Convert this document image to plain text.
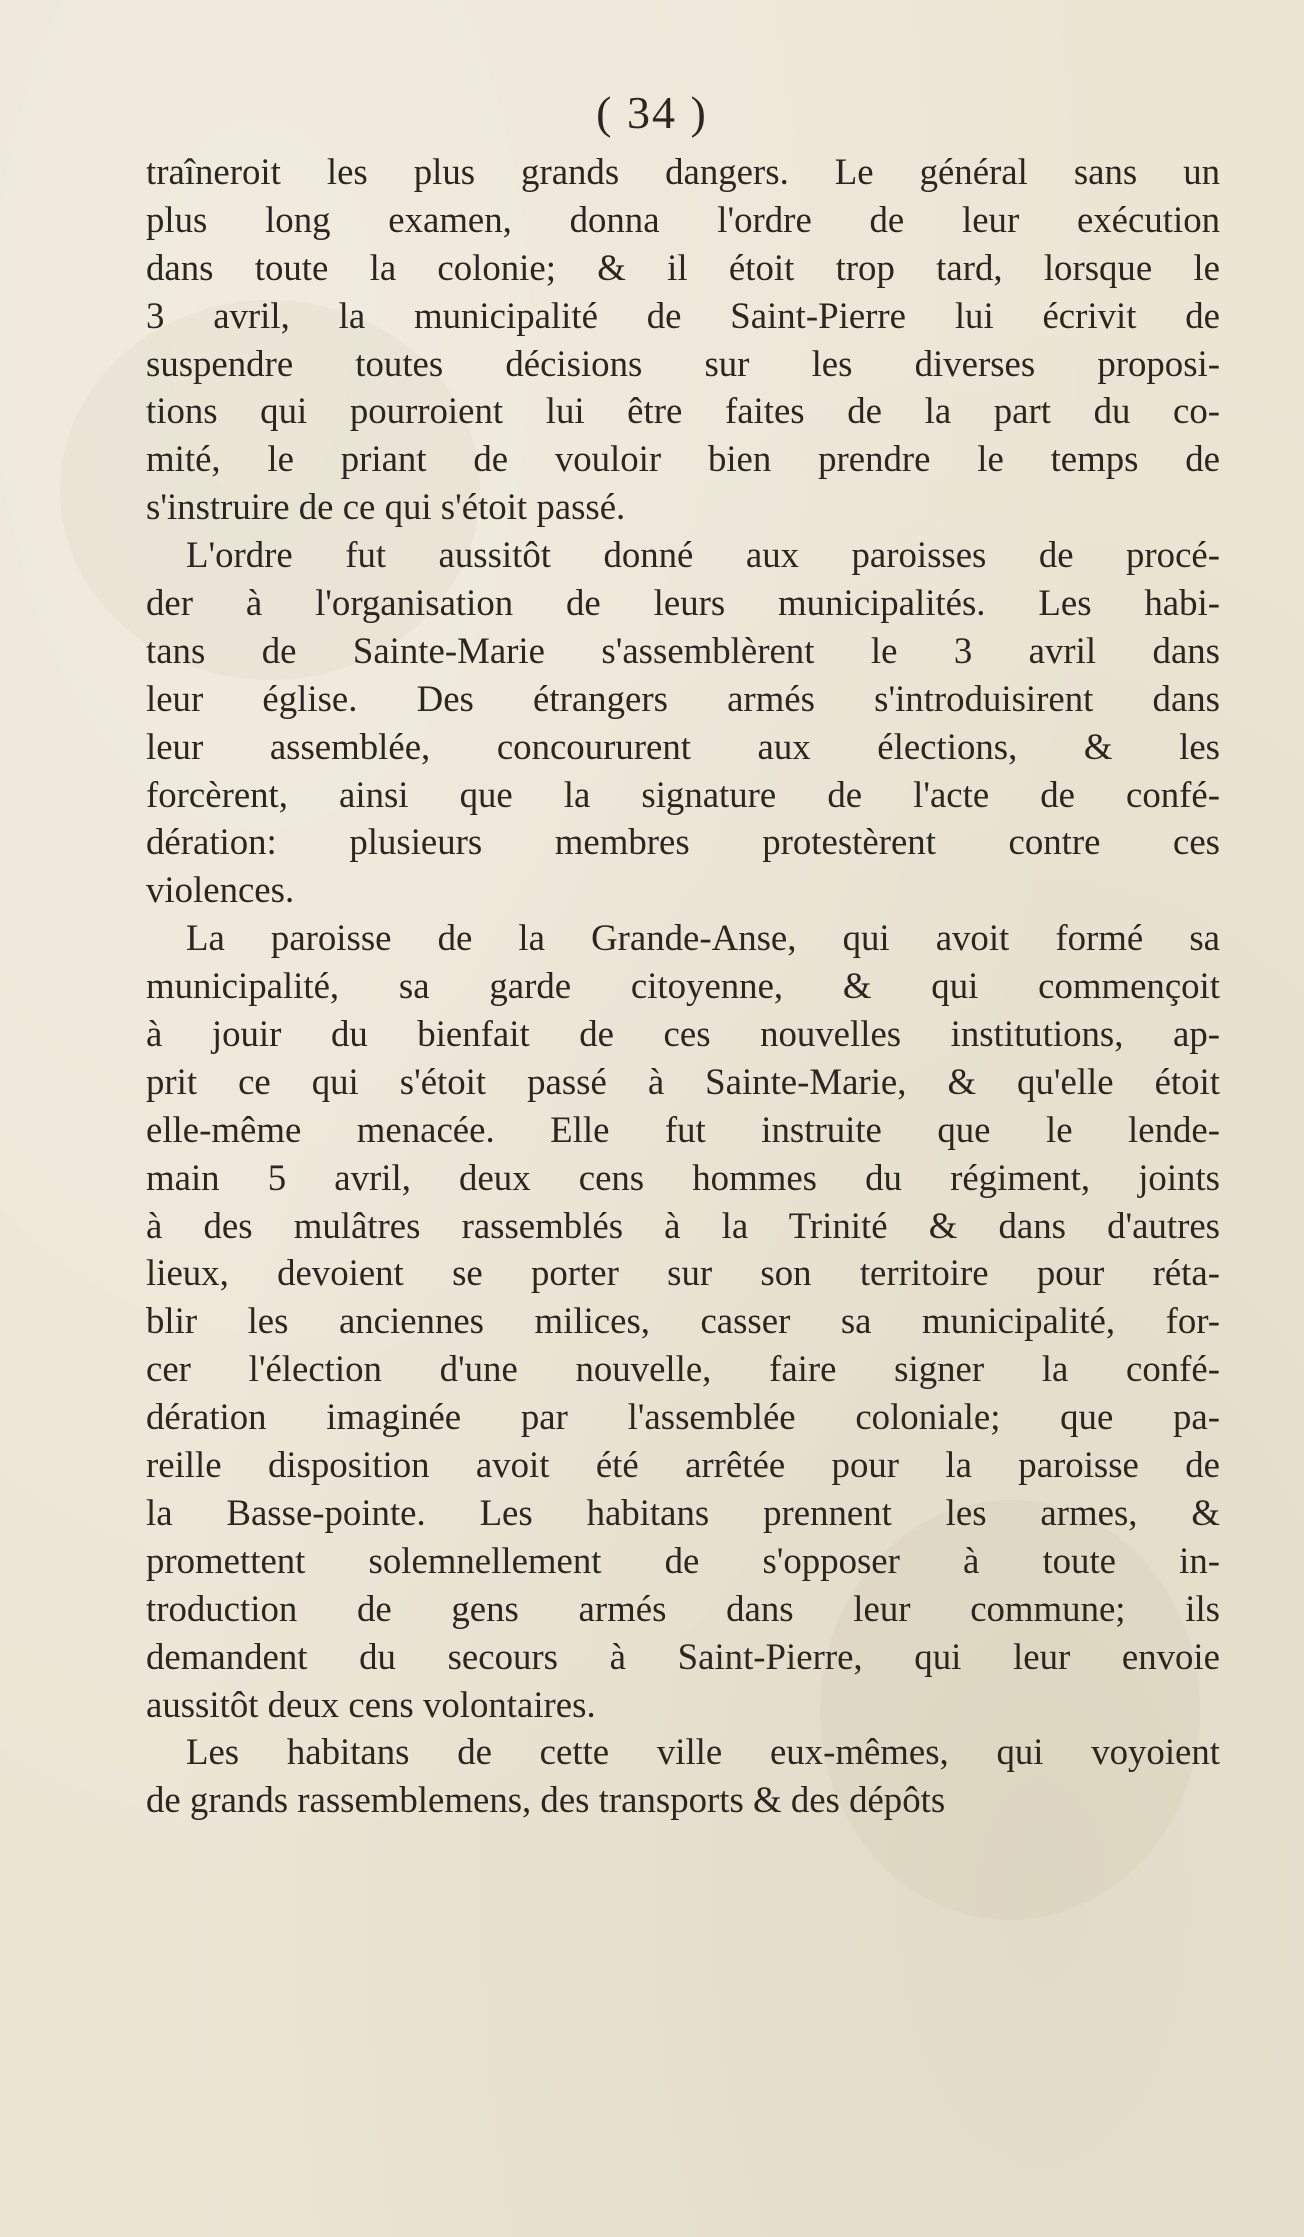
( 34 )
traîneroit les plus grands dangers. Le général sans un
plus long examen, donna l'ordre de leur exécution
dans toute la colonie; & il étoit trop tard, lorsque le
3 avril, la municipalité de Saint-Pierre lui écrivit de
suspendre toutes décisions sur les diverses proposi-
tions qui pourroient lui être faites de la part du co-
mité, le priant de vouloir bien prendre le temps de
s'instruire de ce qui s'étoit passé.
L'ordre fut aussitôt donné aux paroisses de procé-
der à l'organisation de leurs municipalités. Les habi-
tans de Sainte-Marie s'assemblèrent le 3 avril dans
leur église. Des étrangers armés s'introduisirent dans
leur assemblée, concoururent aux élections, & les
forcèrent, ainsi que la signature de l'acte de confé-
dération: plusieurs membres protestèrent contre ces
violences.
La paroisse de la Grande-Anse, qui avoit formé sa
municipalité, sa garde citoyenne, & qui commençoit
à jouir du bienfait de ces nouvelles institutions, ap-
prit ce qui s'étoit passé à Sainte-Marie, & qu'elle étoit
elle-même menacée. Elle fut instruite que le lende-
main 5 avril, deux cens hommes du régiment, joints
à des mulâtres rassemblés à la Trinité & dans d'autres
lieux, devoient se porter sur son territoire pour réta-
blir les anciennes milices, casser sa municipalité, for-
cer l'élection d'une nouvelle, faire signer la confé-
dération imaginée par l'assemblée coloniale; que pa-
reille disposition avoit été arrêtée pour la paroisse de
la Basse-pointe. Les habitans prennent les armes, &
promettent solemnellement de s'opposer à toute in-
troduction de gens armés dans leur commune; ils
demandent du secours à Saint-Pierre, qui leur envoie
aussitôt deux cens volontaires.
Les habitans de cette ville eux-mêmes, qui voyoient
de grands rassemblemens, des transports & des dépôts
